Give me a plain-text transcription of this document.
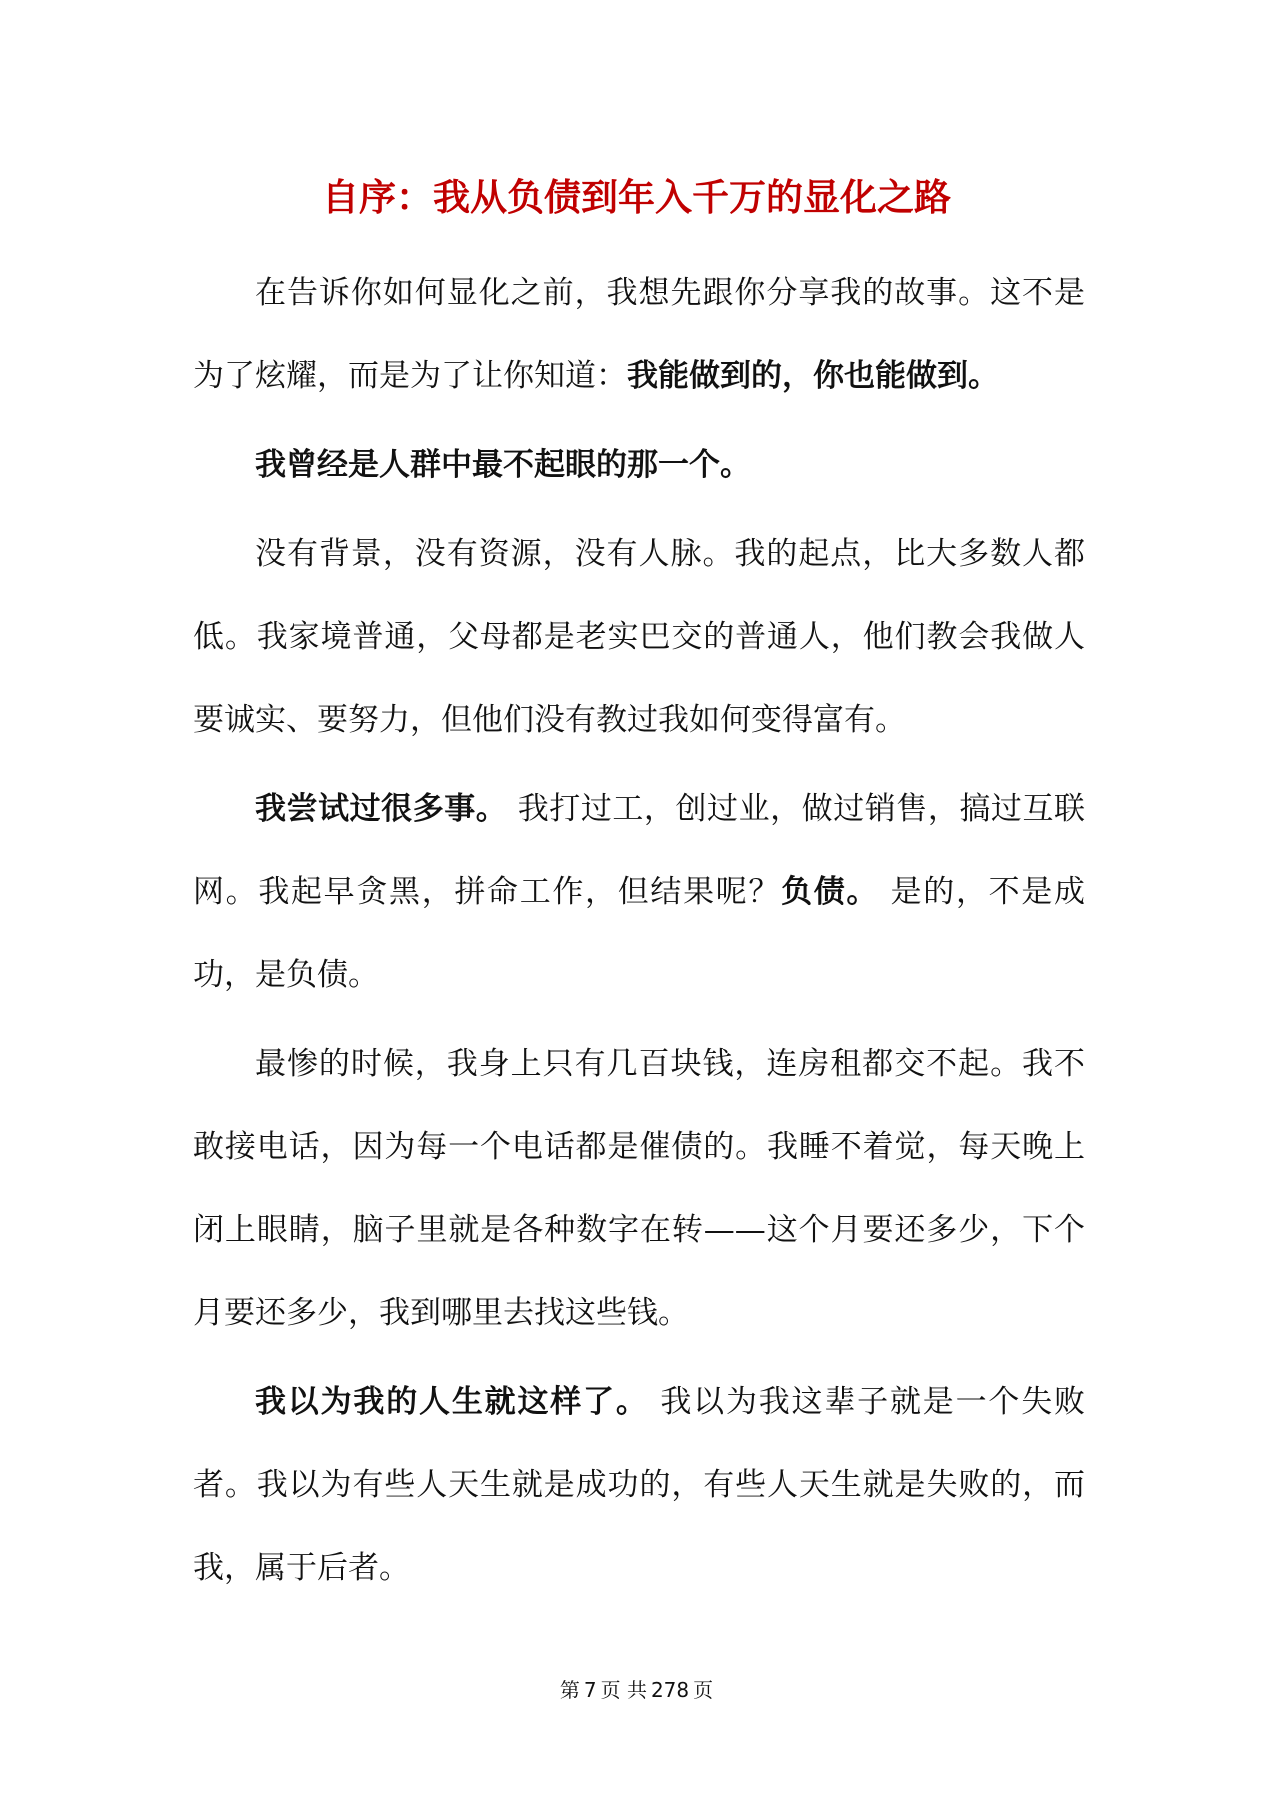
自序：我从负债到年入千万的显化之路

在告诉你如何显化之前，我想先跟你分享我的故事。这不是为了炫耀，而是为了让你知道：我能做到的，你也能做到。

我曾经是人群中最不起眼的那一个。

没有背景，没有资源，没有人脉。我的起点，比大多数人都低。我家境普通，父母都是老实巴交的普通人，他们教会我做人要诚实、要努力，但他们没有教过我如何变得富有。

我尝试过很多事。 我打过工，创过业，做过销售，搞过互联网。我起早贪黑，拼命工作，但结果呢？负债。 是的，不是成功，是负债。

最惨的时候，我身上只有几百块钱，连房租都交不起。我不敢接电话，因为每一个电话都是催债的。我睡不着觉，每天晚上闭上眼睛，脑子里就是各种数字在转——这个月要还多少，下个月要还多少，我到哪里去找这些钱。

我以为我的人生就这样了。 我以为我这辈子就是一个失败者。我以为有些人天生就是成功的，有些人天生就是失败的，而我，属于后者。

第 7 页 共 278 页
